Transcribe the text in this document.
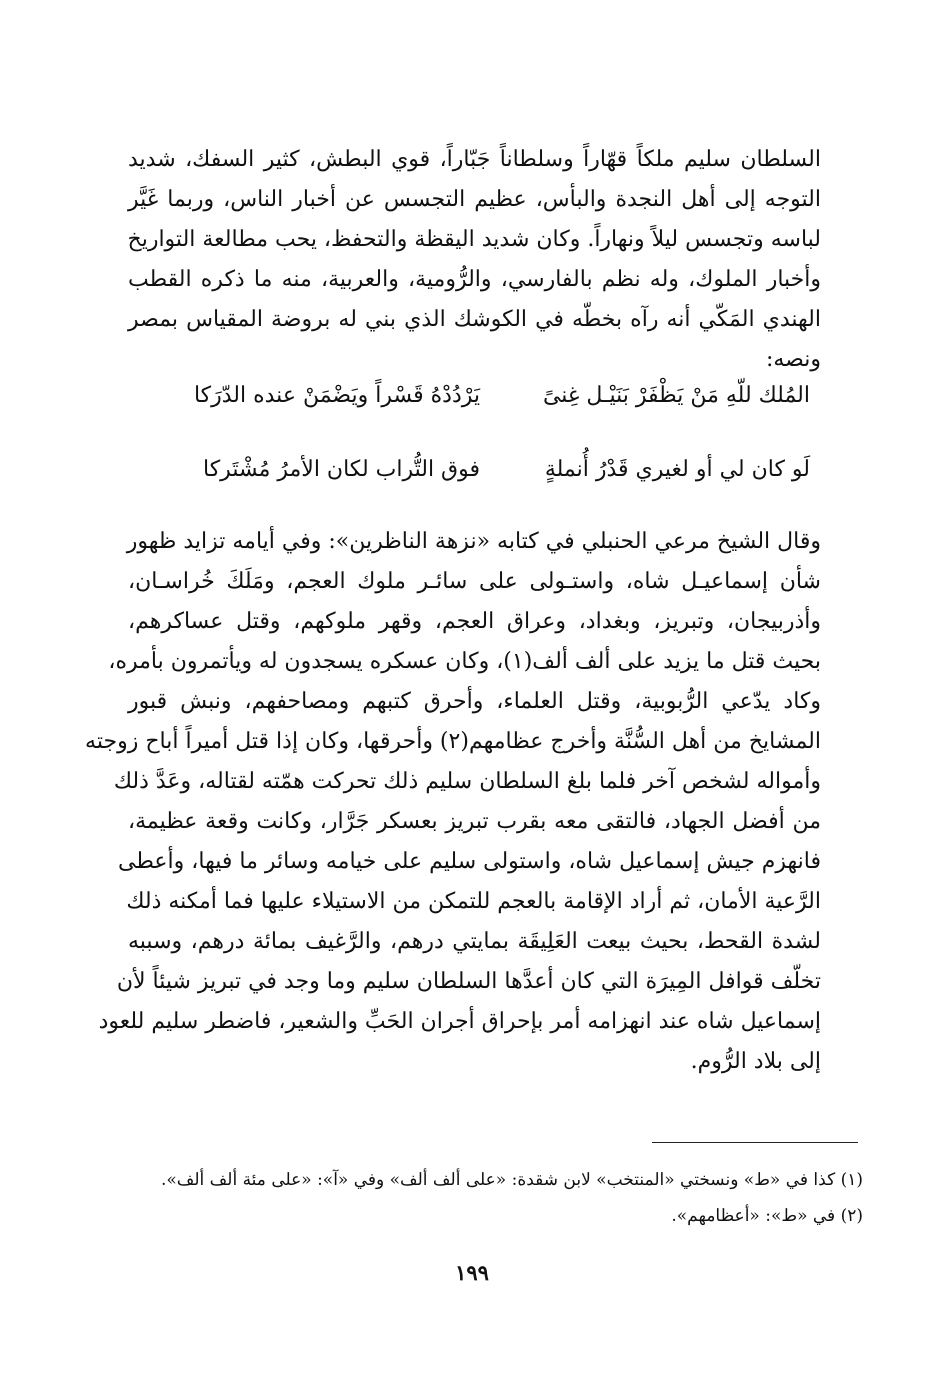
السلطان سليم ملكاً قهّاراً وسلطاناً جَبّاراً، قوي البطش، كثير السفك، شديد
التوجه إلى أهل النجدة والبأس، عظيم التجسس عن أخبار الناس، وربما غَيَّر
لباسه وتجسس ليلاً ونهاراً. وكان شديد اليقظة والتحفظ، يحب مطالعة التواريخ
وأخبار الملوك، وله نظم بالفارسي، والرُّومية، والعربية، منه ما ذكره القطب
الهندي المَكّي أنه رآه بخطّه في الكوشك الذي بني له بروضة المقياس بمصر
ونصه:
المُلك للّهِ مَنْ يَظْفَرْ بَنَيْـل غِنىً
يَرْدُدْهُ قَسْراً ويَضْمَنْ عنده الدّرَكا
لَو كان لي أو لغيري قَدْرُ أُنملةٍ
فوق التُّراب لكان الأمرُ مُشْتَركا
وقال الشيخ مرعي الحنبلي في كتابه «نزهة الناظرين»: وفي أيامه تزايد ظهور
شأن إسماعيـل شاه، واستـولى على سائـر ملوك العجم، ومَلَكَ خُراسـان،
وأذربيجان، وتبريز، وبغداد، وعراق العجم، وقهر ملوكهم، وقتل عساكرهم،
بحيث قتل ما يزيد على ألف ألف(١)، وكان عسكره يسجدون له ويأتمرون بأمره،
وكاد يدّعي الرُّبوبية، وقتل العلماء، وأحرق كتبهم ومصاحفهم، ونبش قبور
المشايخ من أهل السُّنَّة وأخرج عظامهم(٢) وأحرقها، وكان إذا قتل أميراً أباح زوجته
وأمواله لشخص آخر فلما بلغ السلطان سليم ذلك تحركت همّته لقتاله، وعَدَّ ذلك
من أفضل الجهاد، فالتقى معه بقرب تبريز بعسكر جَرَّار، وكانت وقعة عظيمة،
فانهزم جيش إسماعيل شاه، واستولى سليم على خيامه وسائر ما فيها، وأعطى
الرَّعية الأمان، ثم أراد الإقامة بالعجم للتمكن من الاستيلاء عليها فما أمكنه ذلك
لشدة القحط، بحيث بيعت العَلِيقَة بمايتي درهم، والرَّغيف بمائة درهم، وسببه
تخلّف قوافل المِيرَة التي كان أعدَّها السلطان سليم وما وجد في تبريز شيئاً لأن
إسماعيل شاه عند انهزامه أمر بإحراق أجران الحَبِّ والشعير، فاضطر سليم للعود
إلى بلاد الرُّوم.
(١) كذا في «ط» ونسختي «المنتخب» لابن شقدة: «على ألف ألف» وفي «آ»: «على مئة ألف ألف».
(٢) في «ط»: «أعظامهم».
١٩٩
